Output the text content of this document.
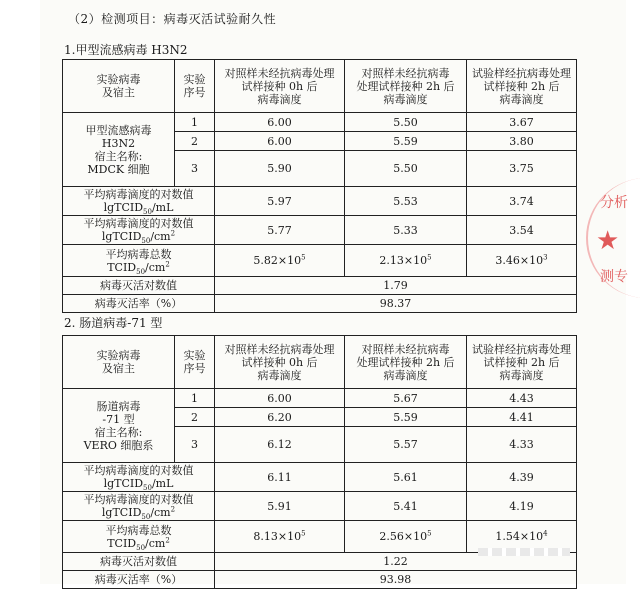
（2）检测项目：病毒灭活试验耐久性
分析
★
测专
1.甲型流感病毒 H3N2
实验病毒
及宿主	实验
序号	对照样未经抗病毒处理
试样接种 0h 后
病毒滴度	对照样未经抗病毒
处理试样接种 2h 后
病毒滴度	试验样经抗病毒处理
试样接种 2h 后
病毒滴度
甲型流感病毒
H3N2
宿主名称:
MDCK 细胞	1	6.00	5.50	3.67
	2	6.00	5.59	3.80
	3	5.90	5.50	3.75
平均病毒滴度的对数值
lgTCID$_{50}$/mL		5.97	5.53	3.74
平均病毒滴度的对数值
$lgTCID_{50}/cm^2$		5.77	5.33	3.54
平均病毒总数
$TCID_{50}/cm^2$		$5.82\times 10^5$	$2.13\times 10^5$	$3.46\times 10^3$
病毒灭活对数值		1.79		
病毒灭活率（%）		98.37		
2. 肠道病毒-71 型
实验病毒
及宿主	实验
序号	对照样未经抗病毒处理
试样接种 0h 后
病毒滴度	对照样未经抗病毒
处理试样接种 2h 后
病毒滴度	试验样经抗病毒处理
试样接种 2h 后
病毒滴度
肠道病毒
-71 型
宿主名称:
VERO 细胞系	1	6.00	5.67	4.43
	2	6.20	5.59	4.41
	3	6.12	5.57	4.33
平均病毒滴度的对数值
lgTCID$_{50}$/mL		6.11	5.61	4.39
平均病毒滴度的对数值
$lgTCID_{50}/cm^2$		5.91	5.41	4.19
平均病毒总数
$TCID_{50}/cm^2$		$8.13\times 10^5$	$2.56\times 10^5$	$1.54\times 10^4$
病毒灭活对数值		1.22		
病毒灭活率（%）		93.98		
